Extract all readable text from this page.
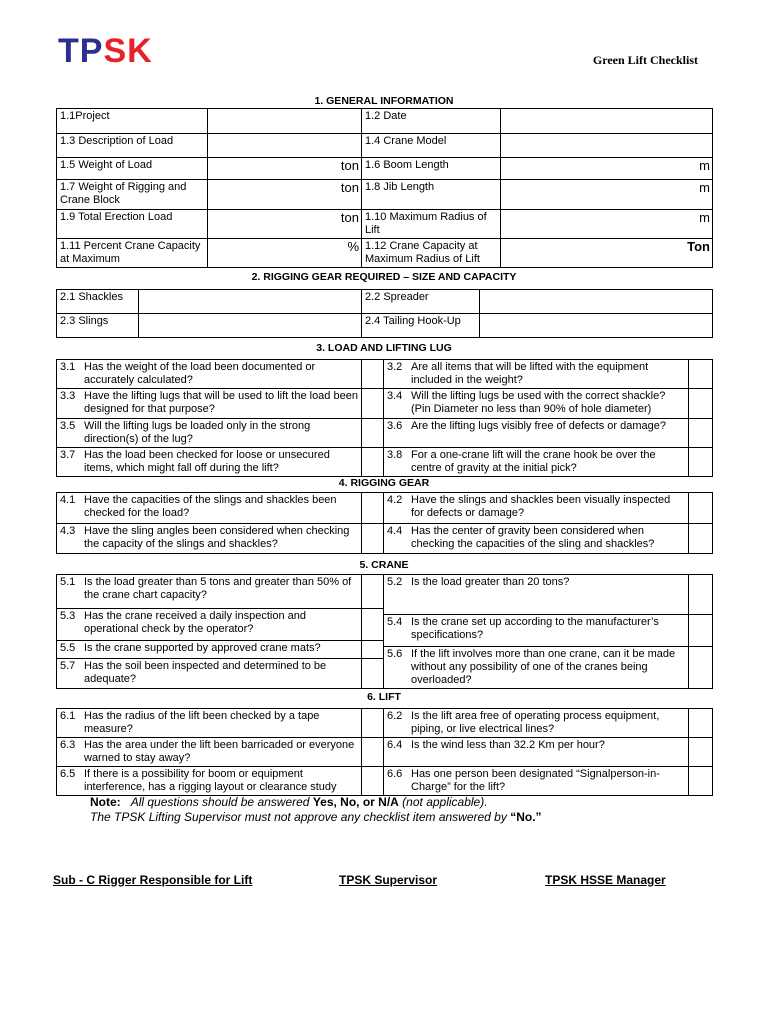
TPSK	Green Lift Checklist
1. GENERAL INFORMATION
1.1Project		1.2 Date	
1.3 Description of Load		1.4 Crane Model	
1.5 Weight of Load	ton	1.6 Boom Length	m
1.7 Weight of Rigging and Crane Block	ton	1.8 Jib Length	m
1.9 Total Erection Load	ton	1.10 Maximum Radius of Lift	m
1.11 Percent Crane Capacity at Maximum	%	1.12 Crane Capacity at Maximum Radius of Lift	Ton
2. RIGGING GEAR REQUIRED – SIZE AND CAPACITY
2.1 Shackles		2.2 Spreader	
2.3 Slings		2.4 Tailing Hook-Up	
3. LOAD AND LIFTING LUG
3.1 Has the weight of the load been documented or accurately calculated?		3.2 Are all items that will be lifted with the equipment included in the weight?	

3.3 Have the lifting lugs that will be used to lift the load been designed for that purpose?		3.4 Will the lifting lugs be used with the correct shackle? (Pin Diameter no less than 90% of hole diameter)	

3.5 Will the lifting lugs be loaded only in the strong direction(s) of the lug?		3.6 Are the lifting lugs visibly free of defects or damage?	

3.7 Has the load been checked for loose or unsecured items, which might fall off during the lift?		3.8 For a one-crane lift will the crane hook be over the centre of gravity at the initial pick?	

4. RIGGING GEAR
4.1 Have the capacities of the slings and shackles been checked for the load?		4.2 Have the slings and shackles been visually inspected for defects or damage?	

4.3 Have the sling angles been considered when checking the capacity of the slings and shackles?		4.4 Has the center of gravity been considered when checking the capacities of the sling and shackles?	

5. CRANE
5.1 Is the load greater than 5 tons and greater than 50% of the crane chart capacity?		5.2 Is the load greater than 20 tons?	

5.3 Has the crane received a daily inspection and operational check by the operator?			

		5.4 Is the crane set up according to the manufacturer’s specifications?	

5.5 Is the crane supported by approved crane mats?			

		5.6 If the lift involves more than one crane, can it be made without any possibility of one of the cranes being overloaded?	

5.7 Has the soil been inspected and determined to be adequate?			

6. LIFT
6.1 Has the radius of the lift been checked by a tape measure?		6.2 Is the lift area free of operating process equipment, piping, or live electrical lines?	

6.3 Has the area under the lift been barricaded or everyone warned to stay away?		6.4 Is the wind less than 32.2 Km per hour?	

6.5 If there is a possibility for boom or equipment interference, has a rigging layout or clearance study		6.6 Has one person been designated “Signalperson-in-Charge” for the lift?	

Note: All questions should be answered Yes, No, or N/A (not applicable).
The TPSK Lifting Supervisor must not approve any checklist item answered by “No.”
Sub - C Rigger Responsible for Lift	TPSK Supervisor	TPSK HSSE Manager
